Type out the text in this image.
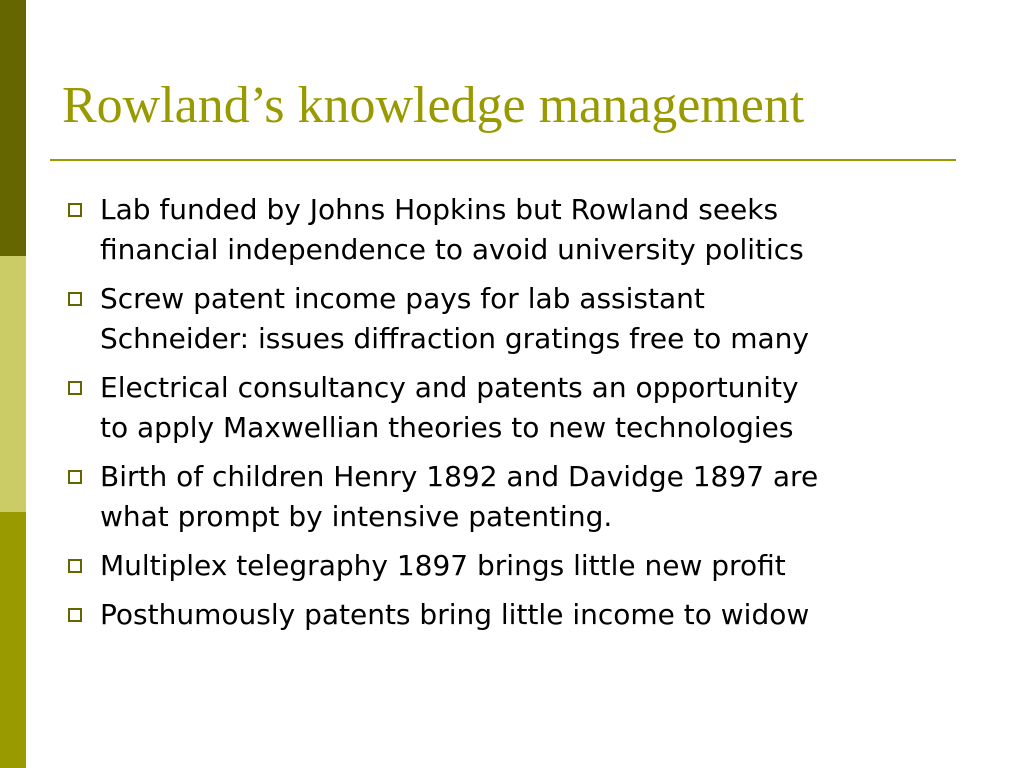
Rowland’s knowledge management
Lab funded by Johns Hopkins but Rowland seeks
financial independence to avoid university politics
Screw patent income pays for lab assistant
Schneider: issues diffraction gratings free to many
Electrical consultancy and patents an opportunity
to apply Maxwellian theories to new technologies
Birth of children Henry 1892 and Davidge 1897 are
what prompt by intensive patenting.
Multiplex telegraphy 1897 brings little new profit
Posthumously patents bring little income to widow
